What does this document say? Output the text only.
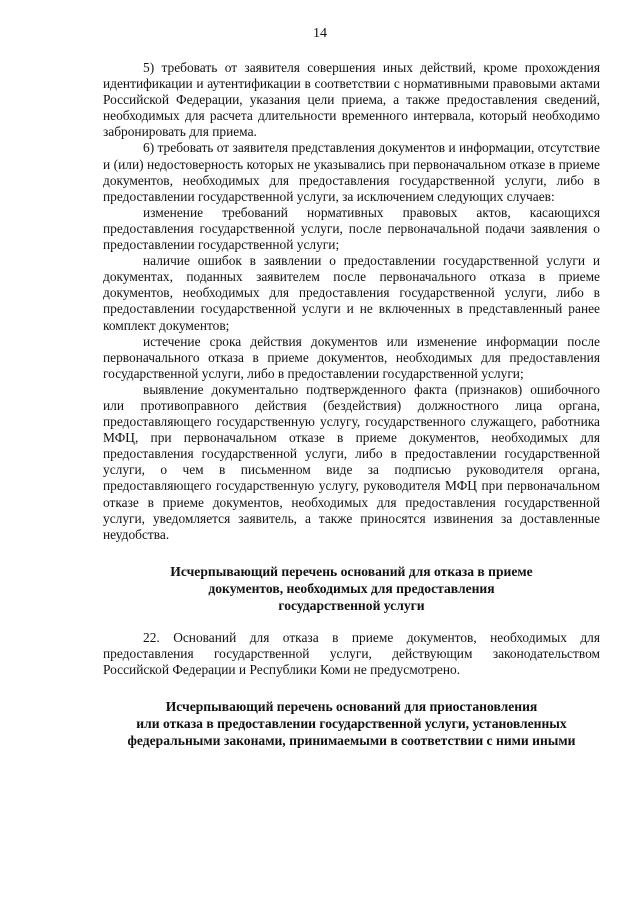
14

5) требовать от заявителя совершения иных действий, кроме прохождения идентификации и аутентификации в соответствии с нормативными правовыми актами Российской Федерации, указания цели приема, а также предоставления сведений, необходимых для расчета длительности временного интервала, который необходимо забронировать для приема.

6) требовать от заявителя представления документов и информации, отсутствие и (или) недостоверность которых не указывались при первоначальном отказе в приеме документов, необходимых для предоставления государственной услуги, либо в предоставлении государственной услуги, за исключением следующих случаев:

изменение требований нормативных правовых актов, касающихся предоставления государственной услуги, после первоначальной подачи заявления о предоставлении государственной услуги;

наличие ошибок в заявлении о предоставлении государственной услуги и документах, поданных заявителем после первоначального отказа в приеме документов, необходимых для предоставления государственной услуги, либо в предоставлении государственной услуги и не включенных в представленный ранее комплект документов;

истечение срока действия документов или изменение информации после первоначального отказа в приеме документов, необходимых для предоставления государственной услуги, либо в предоставлении государственной услуги;

выявление документально подтвержденного факта (признаков) ошибочного или противоправного действия (бездействия) должностного лица органа, предоставляющего государственную услугу, государственного служащего, работника МФЦ, при первоначальном отказе в приеме документов, необходимых для предоставления государственной услуги, либо в предоставлении государственной услуги, о чем в письменном виде за подписью руководителя органа, предоставляющего государственную услугу, руководителя МФЦ при первоначальном отказе в приеме документов, необходимых для предоставления государственной услуги, уведомляется заявитель, а также приносятся извинения за доставленные неудобства.

Исчерпывающий перечень оснований для отказа в приеме

документов, необходимых для предоставления

государственной услуги

22. Оснований для отказа в приеме документов, необходимых для предоставления государственной услуги, действующим законодательством Российской Федерации и Республики Коми не предусмотрено.

Исчерпывающий перечень оснований для приостановления

или отказа в предоставлении государственной услуги, установленных

федеральными законами, принимаемыми в соответствии с ними иными
